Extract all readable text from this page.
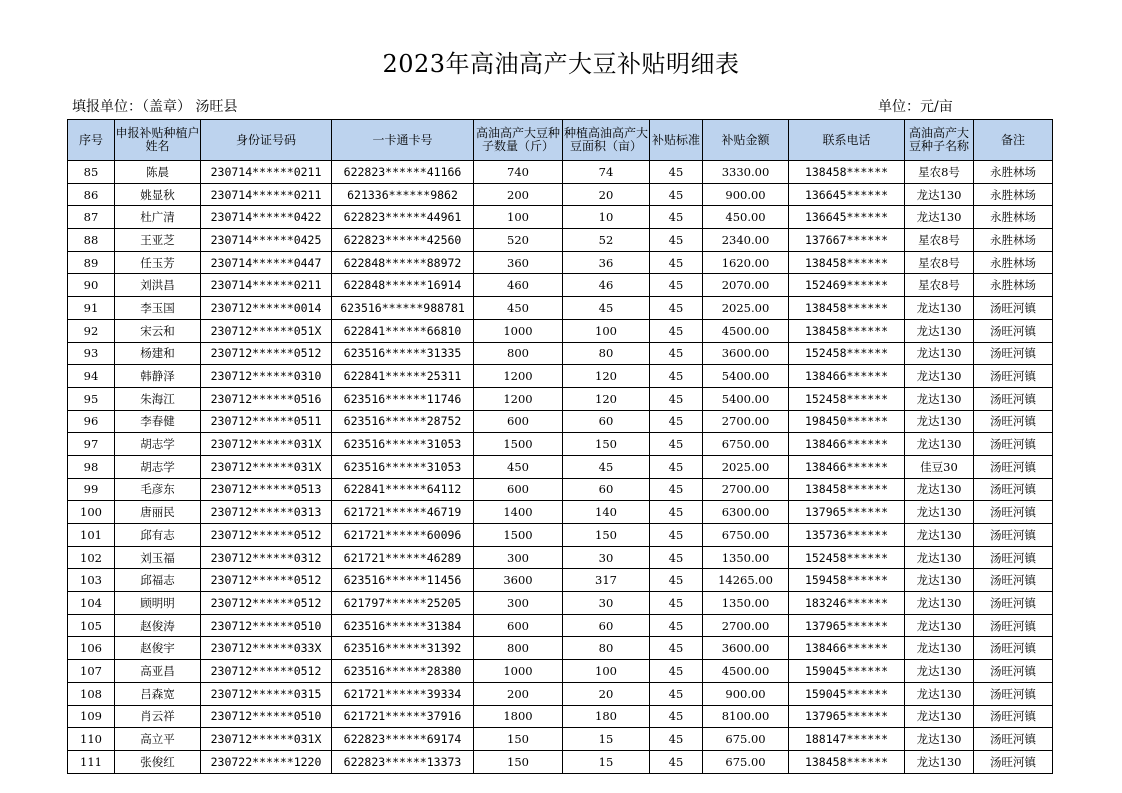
2023年高油高产大豆补贴明细表
填报单位：（盖章） 汤旺县	单位：元/亩
序号	申报补贴种植户姓名	身份证号码	一卡通卡号	高油高产大豆种子数量（斤）	种植高油高产大豆面积（亩）	补贴标准	补贴金额	联系电话	高油高产大豆种子名称	备注
85	陈晨	230714******0211	622823******41166	740	74	45	3330.00	138458******	星农8号	永胜林场
86	姚显秋	230714******0211	621336******9862	200	20	45	900.00	136645******	龙达130	永胜林场
87	杜广清	230714******0422	622823******44961	100	10	45	450.00	136645******	龙达130	永胜林场
88	王亚芝	230714******0425	622823******42560	520	52	45	2340.00	137667******	星农8号	永胜林场
89	任玉芳	230714******0447	622848******88972	360	36	45	1620.00	138458******	星农8号	永胜林场
90	刘洪昌	230714******0211	622848******16914	460	46	45	2070.00	152469******	星农8号	永胜林场
91	李玉国	230712******0014	623516******988781	450	45	45	2025.00	138458******	龙达130	汤旺河镇
92	宋云和	230712******051X	622841******66810	1000	100	45	4500.00	138458******	龙达130	汤旺河镇
93	杨建和	230712******0512	623516******31335	800	80	45	3600.00	152458******	龙达130	汤旺河镇
94	韩静泽	230712******0310	622841******25311	1200	120	45	5400.00	138466******	龙达130	汤旺河镇
95	朱海江	230712******0516	623516******11746	1200	120	45	5400.00	152458******	龙达130	汤旺河镇
96	李春健	230712******0511	623516******28752	600	60	45	2700.00	198450******	龙达130	汤旺河镇
97	胡志学	230712******031X	623516******31053	1500	150	45	6750.00	138466******	龙达130	汤旺河镇
98	胡志学	230712******031X	623516******31053	450	45	45	2025.00	138466******	佳豆30	汤旺河镇
99	毛彦东	230712******0513	622841******64112	600	60	45	2700.00	138458******	龙达130	汤旺河镇
100	唐丽民	230712******0313	621721******46719	1400	140	45	6300.00	137965******	龙达130	汤旺河镇
101	邱有志	230712******0512	621721******60096	1500	150	45	6750.00	135736******	龙达130	汤旺河镇
102	刘玉福	230712******0312	621721******46289	300	30	45	1350.00	152458******	龙达130	汤旺河镇
103	邱福志	230712******0512	623516******11456	3600	317	45	14265.00	159458******	龙达130	汤旺河镇
104	顾明明	230712******0512	621797******25205	300	30	45	1350.00	183246******	龙达130	汤旺河镇
105	赵俊涛	230712******0510	623516******31384	600	60	45	2700.00	137965******	龙达130	汤旺河镇
106	赵俊宇	230712******033X	623516******31392	800	80	45	3600.00	138466******	龙达130	汤旺河镇
107	高亚昌	230712******0512	623516******28380	1000	100	45	4500.00	159045******	龙达130	汤旺河镇
108	吕森宽	230712******0315	621721******39334	200	20	45	900.00	159045******	龙达130	汤旺河镇
109	肖云祥	230712******0510	621721******37916	1800	180	45	8100.00	137965******	龙达130	汤旺河镇
110	高立平	230712******031X	622823******69174	150	15	45	675.00	188147******	龙达130	汤旺河镇
111	张俊红	230722******1220	622823******13373	150	15	45	675.00	138458******	龙达130	汤旺河镇
